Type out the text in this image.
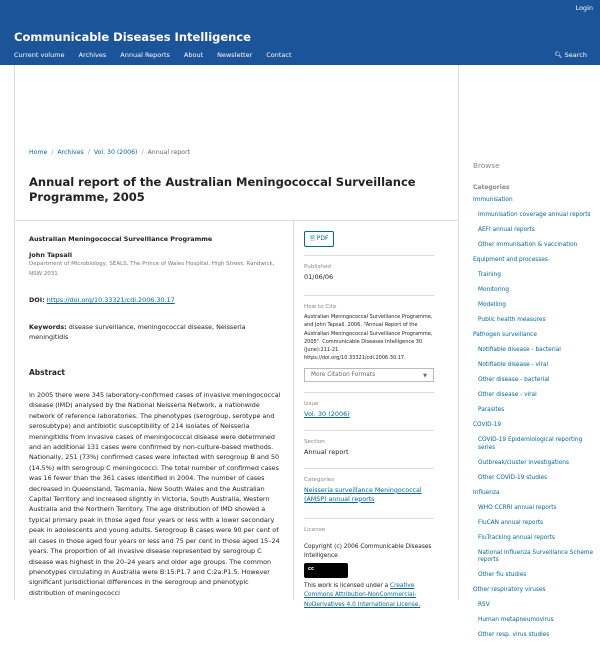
Login
Communicable Diseases Intelligence
Current volume Archives Annual Reports About Newsletter Contact	🔍︎ Search
Home / Archives / Vol. 30 (2006) / Annual report
Annual report of the Australian Meningococcal Surveillance Programme, 2005
Australian Meningococcal Surveillance Programme
John Tapsall
Department of Microbiology, SEALS, The Prince of Wales Hospital, High Street, Randwick, NSW 2031
DOI: https://doi.org/10.33321/cdi.2006.30.17
Keywords: disease surveillance, meningococcal disease, Neisseria meningitidis
Abstract
In 2005 there were 345 laboratory-confirmed cases of invasive meningococcal disease (IMD) analysed by the National Neisseria Network, a nationwide network of reference laboratories. The phenotypes (serogroup, serotype and serosubtype) and antibiotic susceptibility of 214 isolates of Neisseria meningitidis from invasive cases of meningococcal disease were determined and an additional 131 cases were confirmed by non-culture-based methods. Nationally, 251 (73%) confirmed cases were infected with serogroup B and 50 (14.5%) with serogroup C meningococci. The total number of confirmed cases was 16 fewer than the 361 cases identified in 2004. The number of cases decreased in Queensland, Tasmania, New South Wales and the Australian Capital Territory and increased slightly in Victoria, South Australia, Western Australia and the Northern Territory. The age distribution of IMD showed a typical primary peak in those aged four years or less with a lower secondary peak in adolescents and young adults. Serogroup B cases were 90 per cent of all cases in those aged four years or less and 75 per cent in those aged 15–24 years. The proportion of all invasive disease represented by serogroup C disease was highest in the 20–24 years and older age groups. The common phenotypes circulating in Australia were B:15:P1.7 and C:2a:P1.5. However significant jurisdictional differences in the serogroup and phenotypic distribution of meningococci
🗎︎ PDF
Published
01/06/06
How to Cite
Australian Meningococcal Surveillance Programme, and John Tapsall. 2006. "Annual Report of the Australian Meningococcal Surveillance Programme, 2005". Communicable Diseases Intelligence 30 (June):211-21. https://doi.org/10.33321/cdi.2006.30.17.
More Citation Formats	▼
Issue
Vol. 30 (2006)
Section
Annual report
Categories
Neisseria surveillance Meningococcal (AMSP) annual reports
License
Copyright (c) 2006 Communicable Diseases Intelligence
cc
This work is licensed under a Creative Commons Attribution-NonCommercial-NoDerivatives 4.0 International License.
Browse
Categories
Immunisation
Immunisation coverage annual reports
AEFI annual reports
Other immunisation & vaccination
Equipment and processes
Training
Monitoring
Modelling
Public health measures
Pathogen surveillance
Notifiable disease - bacterial
Notifiable disease - viral
Other disease - bacterial
Other disease - viral
Parasites
COVID-19
COVID-19 Epidemiological reporting series
Outbreak/cluster investigations
Other COVID-19 studies
Influenza
WHO CCRRI annual reports
FluCAN annual reports
FluTracking annual reports
National Influenza Surveillance Scheme reports
Other flu studies
Other respiratory viruses
RSV
Human metapneumovirus
Other resp. virus studies
